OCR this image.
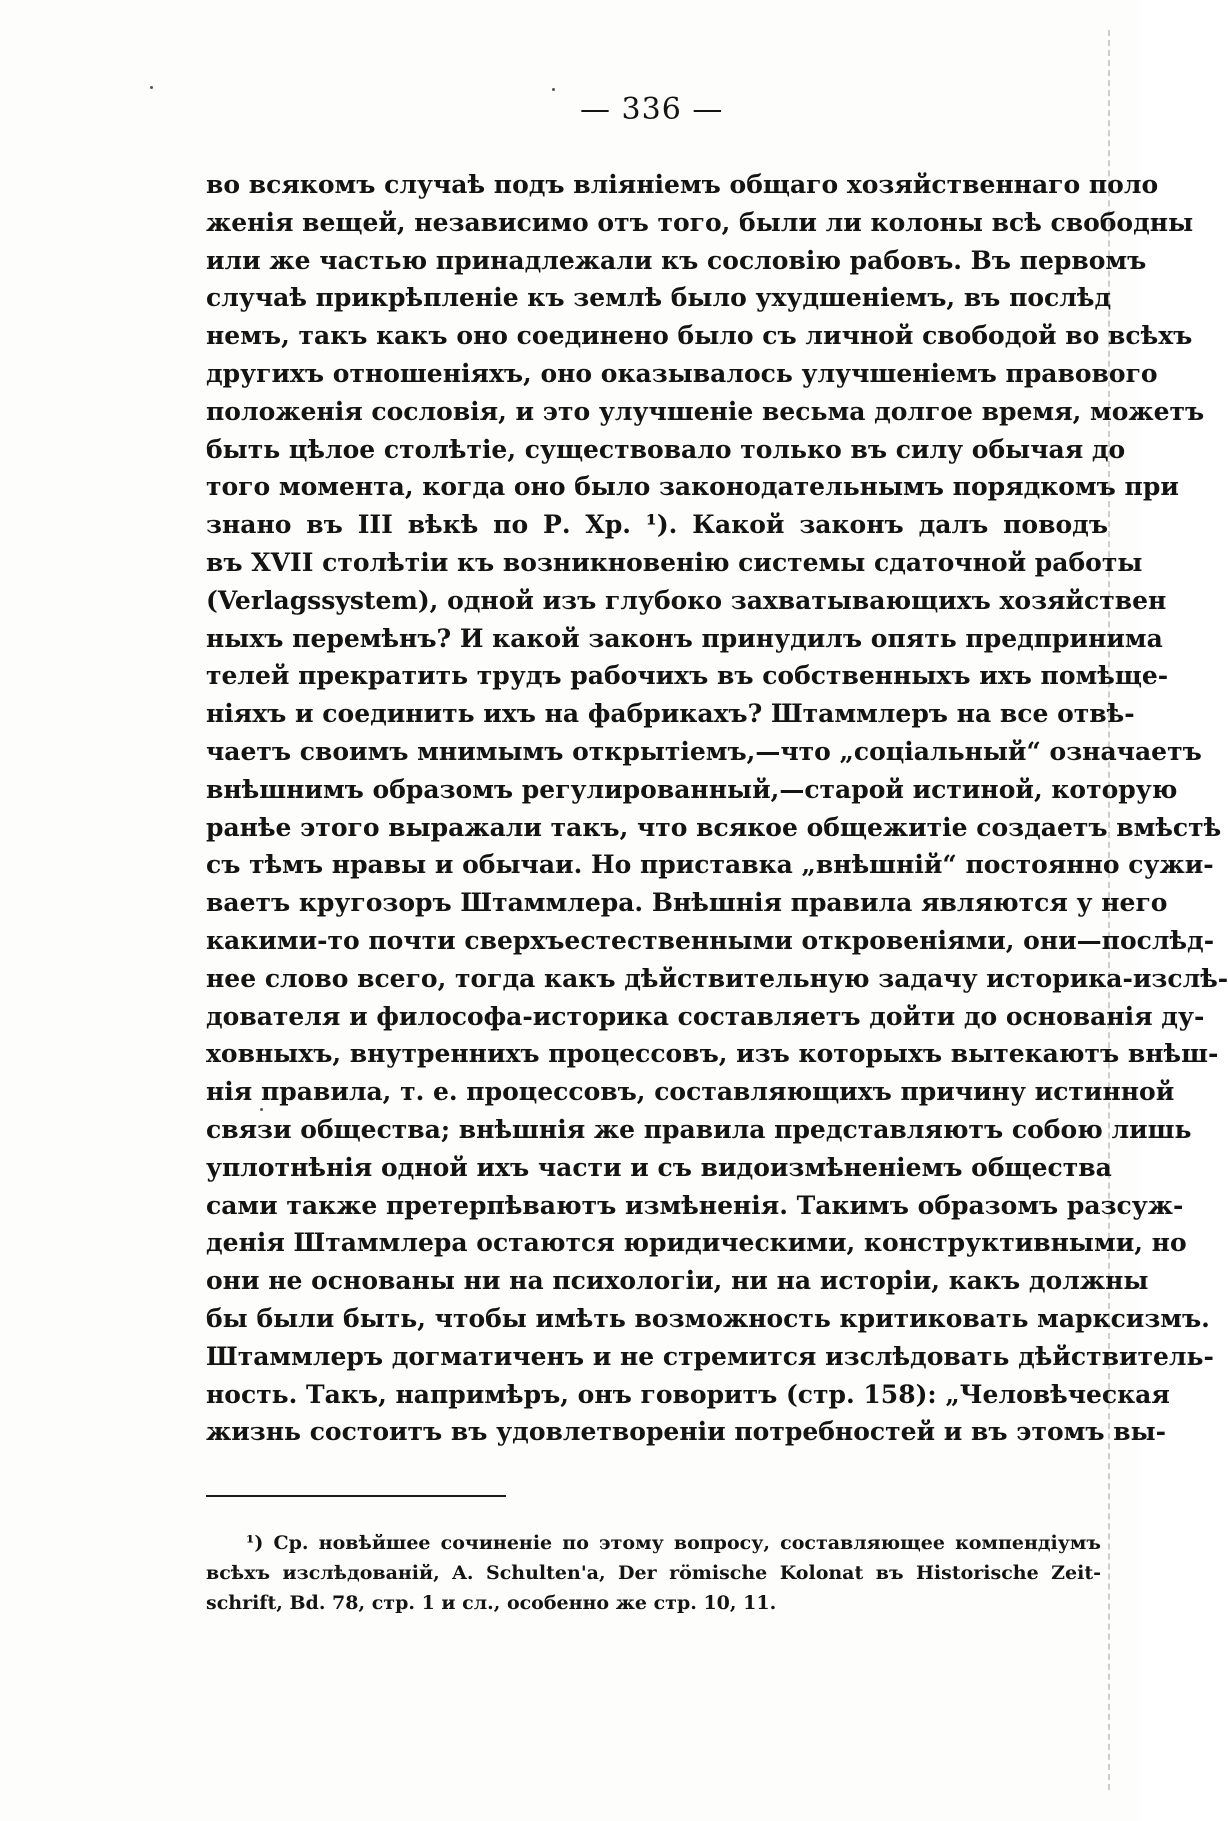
— 336 —
во всякомъ случаѣ подъ вліяніемъ общаго хозяйственнаго поло
женія вещей, независимо отъ того, были ли колоны всѣ свободны
или же частью принадлежали къ сословію рабовъ. Въ первомъ
случаѣ прикрѣпленіе къ землѣ было ухудшеніемъ, въ послѣд
немъ, такъ какъ оно соединено было съ личной свободой во всѣхъ
другихъ отношеніяхъ, оно оказывалось улучшеніемъ правового
положенія сословія, и это улучшеніе весьма долгое время, можетъ
быть цѣлое столѣтіе, существовало только въ силу обычая до
того момента, когда оно было законодательнымъ порядкомъ при
знано въ III вѣкѣ по Р. Хр. ¹). Какой законъ далъ поводъ
въ XVII столѣтіи къ возникновенію системы сдаточной работы
(Verlagssystem), одной изъ глубоко захватывающихъ хозяйствен
ныхъ перемѣнъ? И какой законъ принудилъ опять предпринима
телей прекратить трудъ рабочихъ въ собственныхъ ихъ помѣще-
ніяхъ и соединить ихъ на фабрикахъ? Штаммлеръ на все отвѣ-
чаетъ своимъ мнимымъ открытіемъ,—что „соціальный“ означаетъ
внѣшнимъ образомъ регулированный,—старой истиной, которую
ранѣе этого выражали такъ, что всякое общежитіе создаетъ вмѣстѣ
съ тѣмъ нравы и обычаи. Но приставка „внѣшній“ постоянно сужи-
ваетъ кругозоръ Штаммлера. Внѣшнія правила являются у него
какими-то почти сверхъестественными откровеніями, они—послѣд-
нее слово всего, тогда какъ дѣйствительную задачу историка-изслѣ-
дователя и философа-историка составляетъ дойти до основанія ду-
ховныхъ, внутреннихъ процессовъ, изъ которыхъ вытекаютъ внѣш-
нія правила, т. е. процессовъ, составляющихъ причину истинной
связи общества; внѣшнія же правила представляютъ собою лишь
уплотнѣнія одной ихъ части и съ видоизмѣненіемъ общества
сами также претерпѣваютъ измѣненія. Такимъ образомъ разсуж-
денія Штаммлера остаются юридическими, конструктивными, но
они не основаны ни на психологіи, ни на исторіи, какъ должны
бы были быть, чтобы имѣть возможность критиковать марксизмъ.
Штаммлеръ догматиченъ и не стремится изслѣдовать дѣйствитель-
ность. Такъ, напримѣръ, онъ говоритъ (стр. 158): „Человѣческая
жизнь состоитъ въ удовлетвореніи потребностей и въ этомъ вы-
¹) Ср. новѣйшее сочиненіе по этому вопросу, составляющее компендіумъ
всѣхъ изслѣдованій, A. Schulten'a, Der römische Kolonat въ Historische Zeit-
schrift, Bd. 78, стр. 1 и сл., особенно же стр. 10, 11.
